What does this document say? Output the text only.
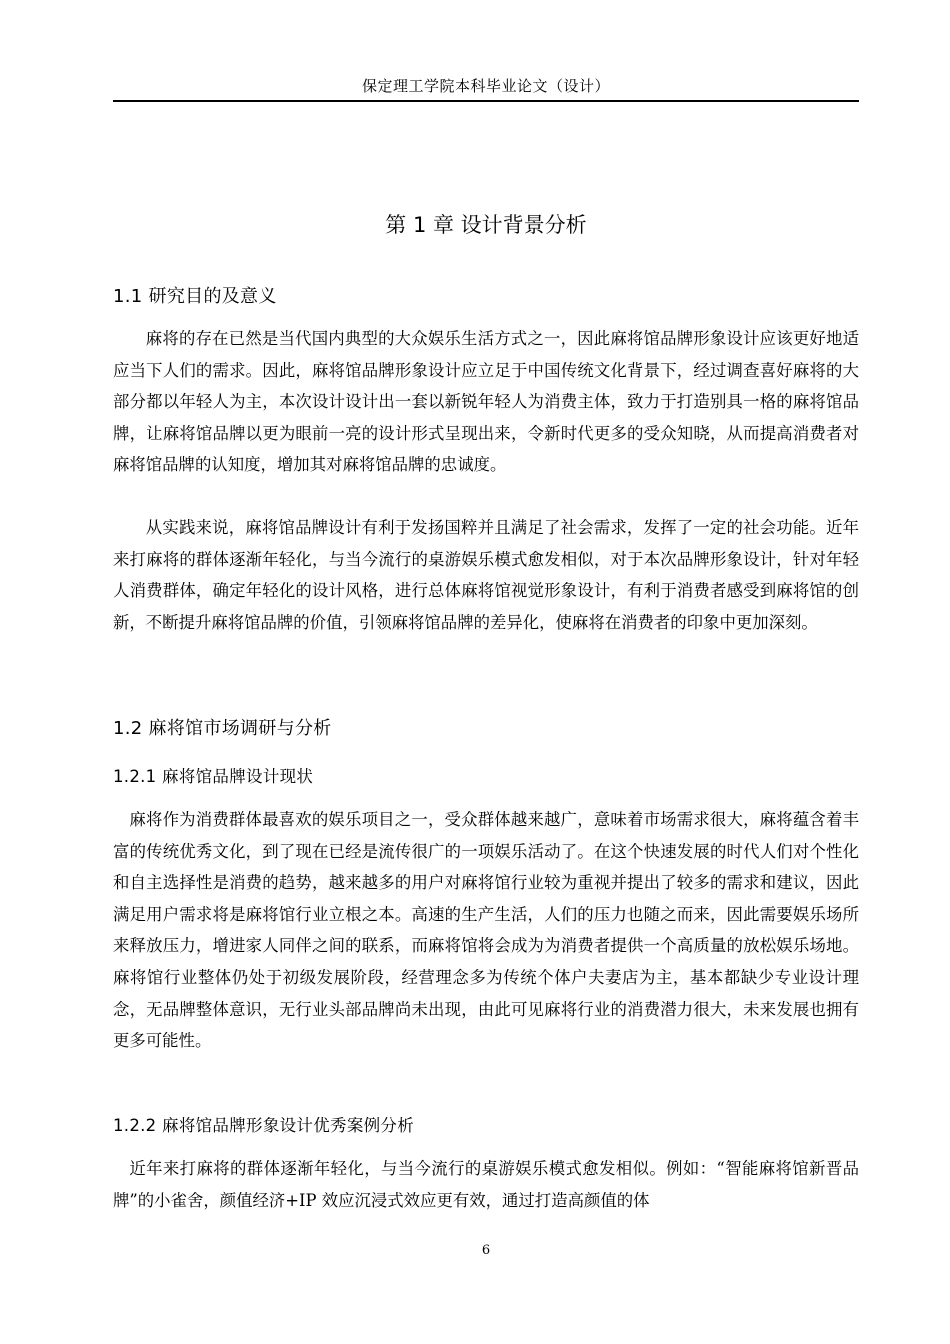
保定理工学院本科毕业论文（设计）
第 1 章 设计背景分析
1.1 研究目的及意义

麻将的存在已然是当代国内典型的大众娱乐生活方式之一，因此麻将馆品牌形象设计应该更好地适应当下人们的需求。因此，麻将馆品牌形象设计应立足于中国传统文化背景下，经过调查喜好麻将的大部分都以年轻人为主，本次设计设计出一套以新锐年轻人为消费主体，致力于打造别具一格的麻将馆品牌，让麻将馆品牌以更为眼前一亮的设计形式呈现出来，令新时代更多的受众知晓，从而提高消费者对麻将馆品牌的认知度，增加其对麻将馆品牌的忠诚度。

从实践来说，麻将馆品牌设计有利于发扬国粹并且满足了社会需求，发挥了一定的社会功能。近年来打麻将的群体逐渐年轻化，与当今流行的桌游娱乐模式愈发相似，对于本次品牌形象设计，针对年轻人消费群体，确定年轻化的设计风格，进行总体麻将馆视觉形象设计，有利于消费者感受到麻将馆的创新，不断提升麻将馆品牌的价值，引领麻将馆品牌的差异化，使麻将在消费者的印象中更加深刻。

1.2 麻将馆市场调研与分析
1.2.1 麻将馆品牌设计现状

麻将作为消费群体最喜欢的娱乐项目之一，受众群体越来越广，意味着市场需求很大，麻将蕴含着丰富的传统优秀文化，到了现在已经是流传很广的一项娱乐活动了。在这个快速发展的时代人们对个性化和自主选择性是消费的趋势，越来越多的用户对麻将馆行业较为重视并提出了较多的需求和建议，因此满足用户需求将是麻将馆行业立根之本。高速的生产生活，人们的压力也随之而来，因此需要娱乐场所来释放压力，增进家人同伴之间的联系，而麻将馆将会成为为消费者提供一个高质量的放松娱乐场地。麻将馆行业整体仍处于初级发展阶段，经营理念多为传统个体户夫妻店为主，基本都缺少专业设计理念，无品牌整体意识，无行业头部品牌尚未出现，由此可见麻将行业的消费潜力很大，未来发展也拥有更多可能性。

1.2.2 麻将馆品牌形象设计优秀案例分析

近年来打麻将的群体逐渐年轻化，与当今流行的桌游娱乐模式愈发相似。例如：“智能麻将馆新晋品牌”的小雀舍，颜值经济+IP 效应沉浸式效应更有效，通过打造高颜值的体

6
